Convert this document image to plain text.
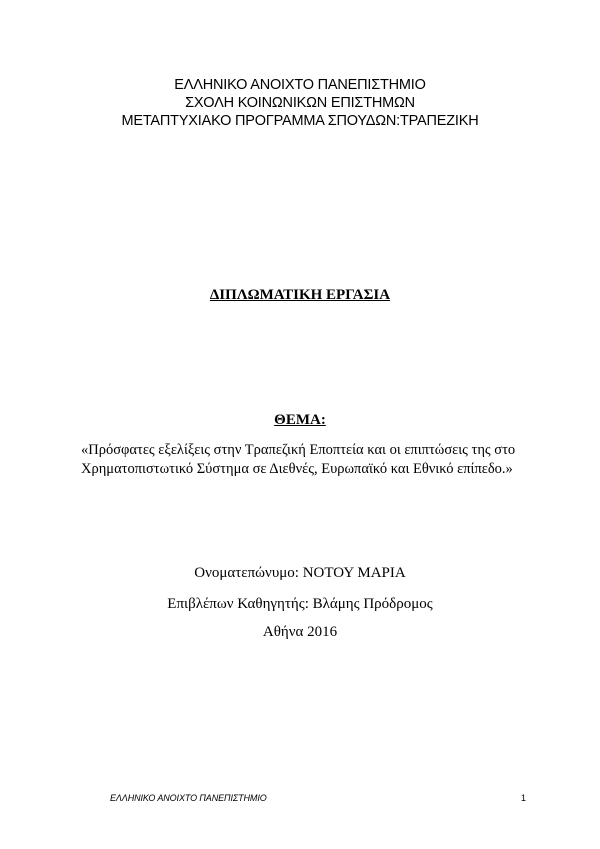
ΕΛΛΗΝΙΚΟ ΑΝΟΙΧΤΟ ΠΑΝΕΠΙΣΤΗΜΙΟ
ΣΧΟΛΗ ΚΟΙΝΩΝΙΚΩΝ ΕΠΙΣΤΗΜΩΝ
ΜΕΤΑΠΤΥΧΙΑΚΟ ΠΡΟΓΡΑΜΜΑ ΣΠΟΥΔΩΝ:ΤΡΑΠΕΖΙΚΗ
ΔΙΠΛΩΜΑΤΙΚΗ ΕΡΓΑΣΙΑ
ΘΕΜΑ:
«Πρόσφατες εξελίξεις στην Τραπεζική Εποπτεία και οι επιπτώσεις της στο Χρηματοπιστωτικό Σύστημα σε Διεθνές, Ευρωπαϊκό και Εθνικό επίπεδο.»
Ονοματεπώνυμο: ΝΟΤΟΥ ΜΑΡΙΑ
Επιβλέπων Καθηγητής: Βλάμης Πρόδρομος
Αθήνα 2016
ΕΛΛΗΝΙΚΟ ΑΝΟΙΧΤΟ ΠΑΝΕΠΙΣΤΗΜΙΟ	1
